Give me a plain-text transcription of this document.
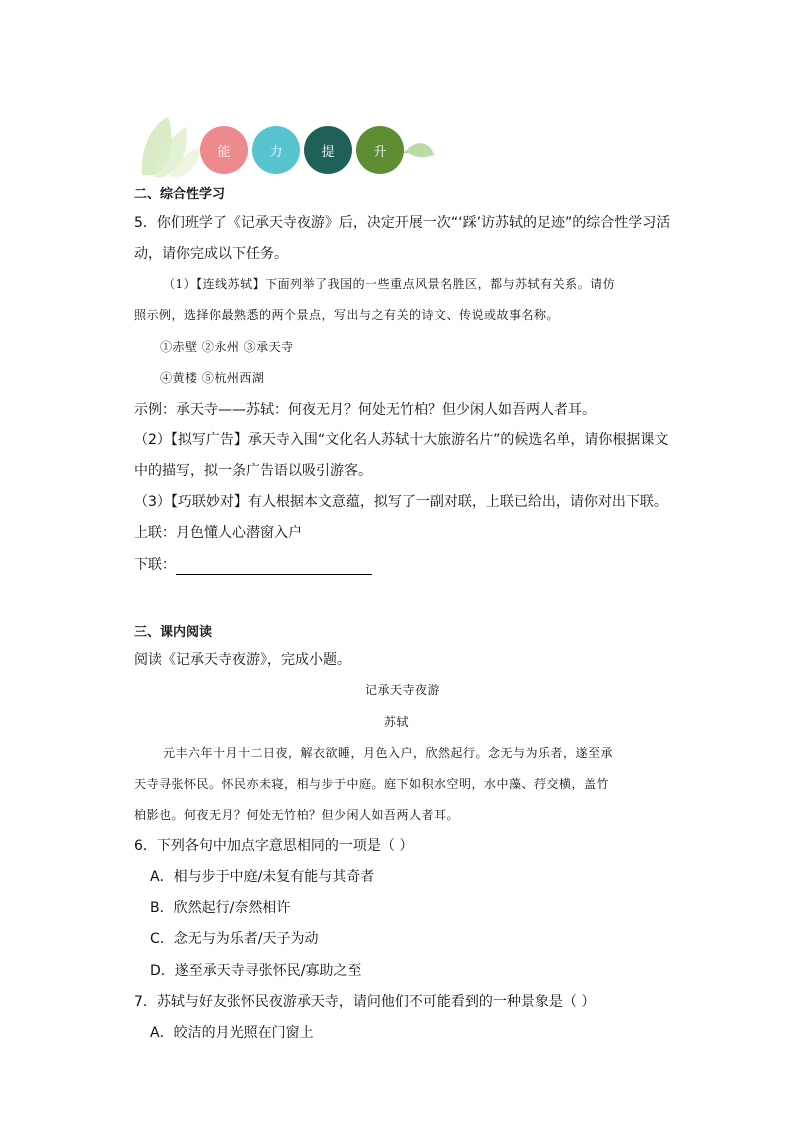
能	力	提	升
二、综合性学习
5．你们班学了《记承天寺夜游》后，决定开展一次“‘踩’访苏轼的足迹”的综合性学习活
动，请你完成以下任务。
（1）【连线苏轼】下面列举了我国的一些重点风景名胜区，都与苏轼有关系。请仿
照示例，选择你最熟悉的两个景点，写出与之有关的诗文、传说或故事名称。
①赤壁 ②永州 ③承天寺
④黄楼 ⑤杭州西湖
示例：承天寺——苏轼：何夜无月？何处无竹柏？但少闲人如吾两人者耳。
（2）【拟写广告】承天寺入围“文化名人苏轼十大旅游名片”的候选名单，请你根据课文
中的描写，拟一条广告语以吸引游客。
（3）【巧联妙对】有人根据本文意蕴，拟写了一副对联，上联已给出，请你对出下联。
上联：月色懂人心潜窗入户
下联：
三、课内阅读
阅读《记承天寺夜游》，完成小题。
记承天寺夜游
苏轼
元丰六年十月十二日夜，解衣欲睡，月色入户，欣然起行。念无与为乐者，遂至承
天寺寻张怀民。怀民亦未寝，相与步于中庭。庭下如积水空明，水中藻、荇交横，盖竹
柏影也。何夜无月？何处无竹柏？但少闲人如吾两人者耳。
6．下列各句中加点字意思相同的一项是（ ）
A．相与步于中庭/未复有能与其奇者
B．欣然起行/奈然相许
C．念无与为乐者/天子为动
D．遂至承天寺寻张怀民/寡助之至
7．苏轼与好友张怀民夜游承天寺，请问他们不可能看到的一种景象是（ ）
A．皎洁的月光照在门窗上
